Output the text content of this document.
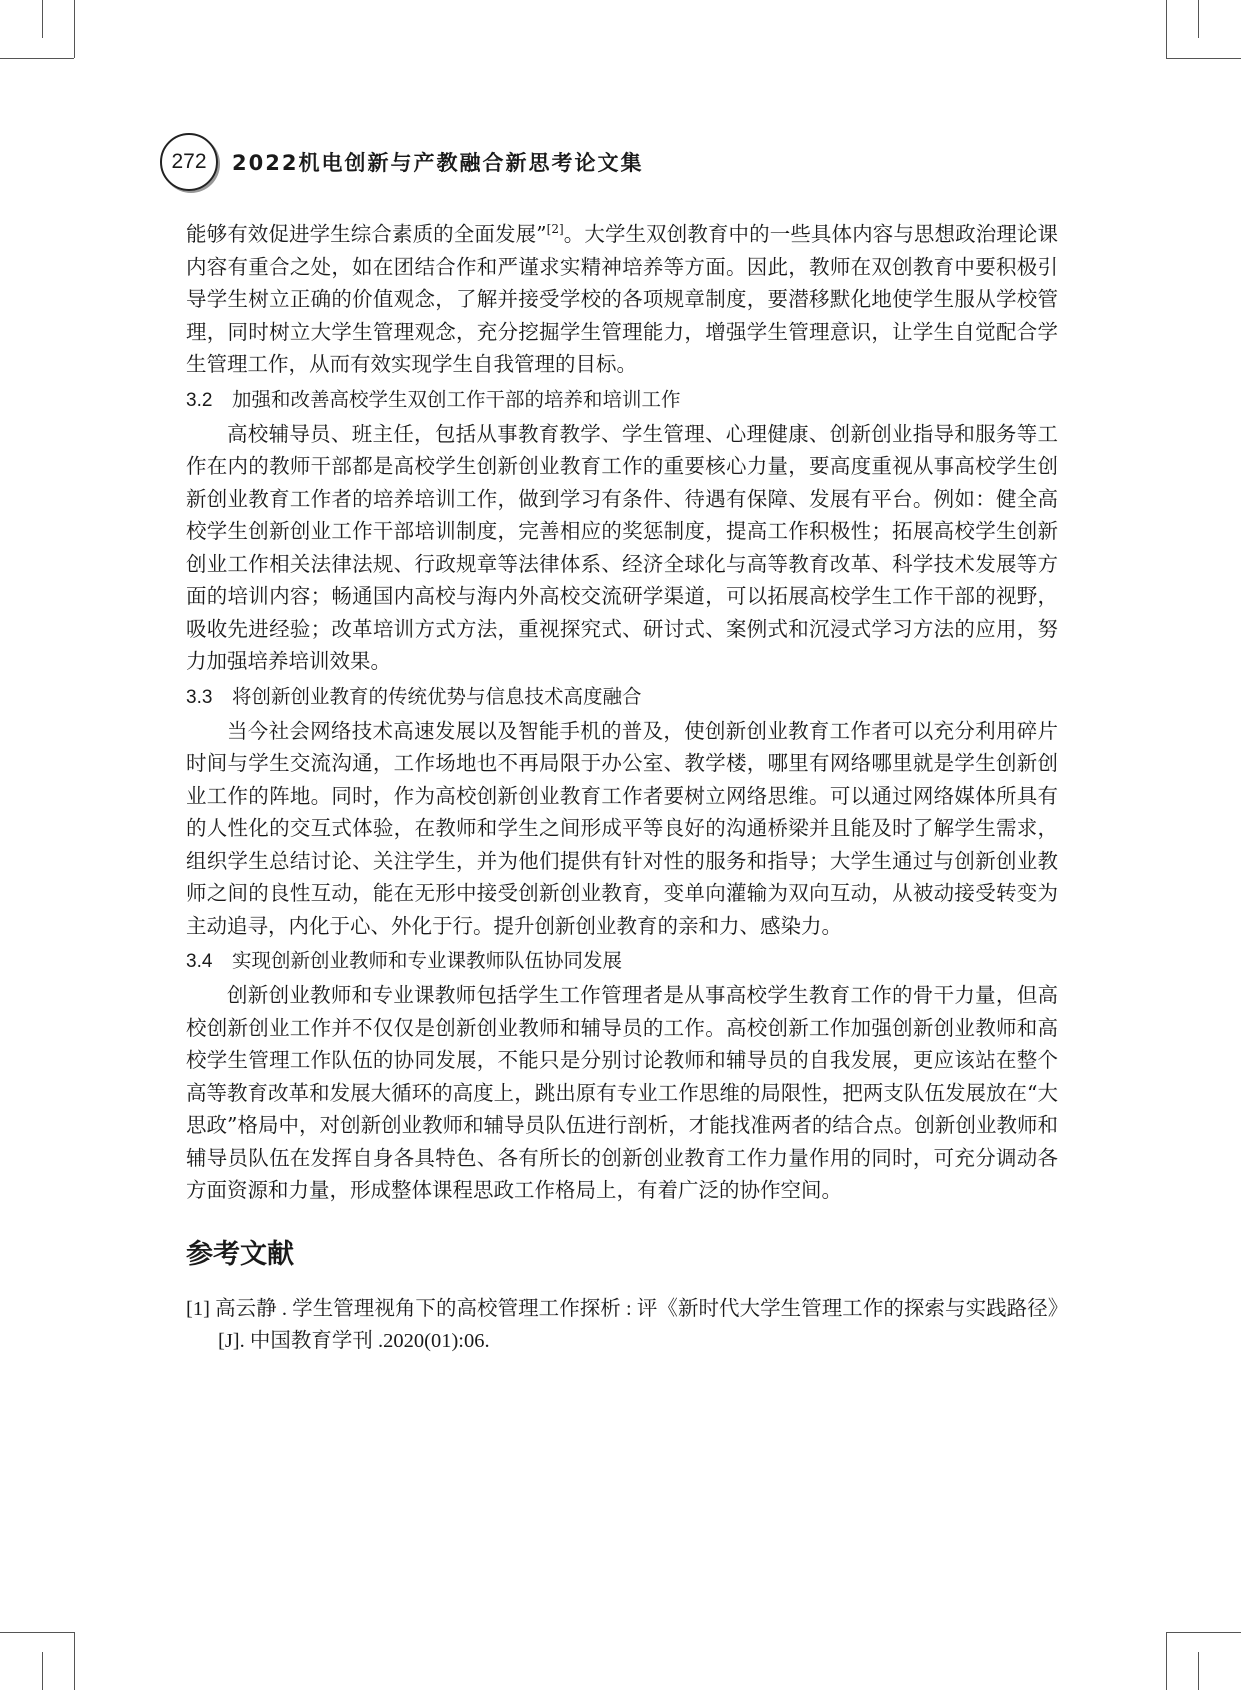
272	2022机电创新与产教融合新思考论文集

能够有效促进学生综合素质的全面发展”[2]。大学生双创教育中的一些具体内容与思想政治理论课内容有重合之处，如在团结合作和严谨求实精神培养等方面。因此，教师在双创教育中要积极引导学生树立正确的价值观念，了解并接受学校的各项规章制度，要潜移默化地使学生服从学校管理，同时树立大学生管理观念，充分挖掘学生管理能力，增强学生管理意识，让学生自觉配合学生管理工作，从而有效实现学生自我管理的目标。

3.2 加强和改善高校学生双创工作干部的培养和培训工作

高校辅导员、班主任，包括从事教育教学、学生管理、心理健康、创新创业指导和服务等工作在内的教师干部都是高校学生创新创业教育工作的重要核心力量，要高度重视从事高校学生创新创业教育工作者的培养培训工作，做到学习有条件、待遇有保障、发展有平台。例如：健全高校学生创新创业工作干部培训制度，完善相应的奖惩制度，提高工作积极性；拓展高校学生创新创业工作相关法律法规、行政规章等法律体系、经济全球化与高等教育改革、科学技术发展等方面的培训内容；畅通国内高校与海内外高校交流研学渠道，可以拓展高校学生工作干部的视野，吸收先进经验；改革培训方式方法，重视探究式、研讨式、案例式和沉浸式学习方法的应用，努力加强培养培训效果。

3.3 将创新创业教育的传统优势与信息技术高度融合

当今社会网络技术高速发展以及智能手机的普及，使创新创业教育工作者可以充分利用碎片时间与学生交流沟通，工作场地也不再局限于办公室、教学楼，哪里有网络哪里就是学生创新创业工作的阵地。同时，作为高校创新创业教育工作者要树立网络思维。可以通过网络媒体所具有的人性化的交互式体验，在教师和学生之间形成平等良好的沟通桥梁并且能及时了解学生需求，组织学生总结讨论、关注学生，并为他们提供有针对性的服务和指导；大学生通过与创新创业教师之间的良性互动，能在无形中接受创新创业教育，变单向灌输为双向互动，从被动接受转变为主动追寻，内化于心、外化于行。提升创新创业教育的亲和力、感染力。

3.4 实现创新创业教师和专业课教师队伍协同发展

创新创业教师和专业课教师包括学生工作管理者是从事高校学生教育工作的骨干力量，但高校创新创业工作并不仅仅是创新创业教师和辅导员的工作。高校创新工作加强创新创业教师和高校学生管理工作队伍的协同发展，不能只是分别讨论教师和辅导员的自我发展，更应该站在整个高等教育改革和发展大循环的高度上，跳出原有专业工作思维的局限性，把两支队伍发展放在“大思政”格局中，对创新创业教师和辅导员队伍进行剖析，才能找准两者的结合点。创新创业教师和辅导员队伍在发挥自身各具特色、各有所长的创新创业教育工作力量作用的同时，可充分调动各方面资源和力量，形成整体课程思政工作格局上，有着广泛的协作空间。

参考文献
[1] 高云静 . 学生管理视角下的高校管理工作探析 : 评《新时代大学生管理工作的探索与实践路径》[J]. 中国教育学刊 .2020(01):06.
